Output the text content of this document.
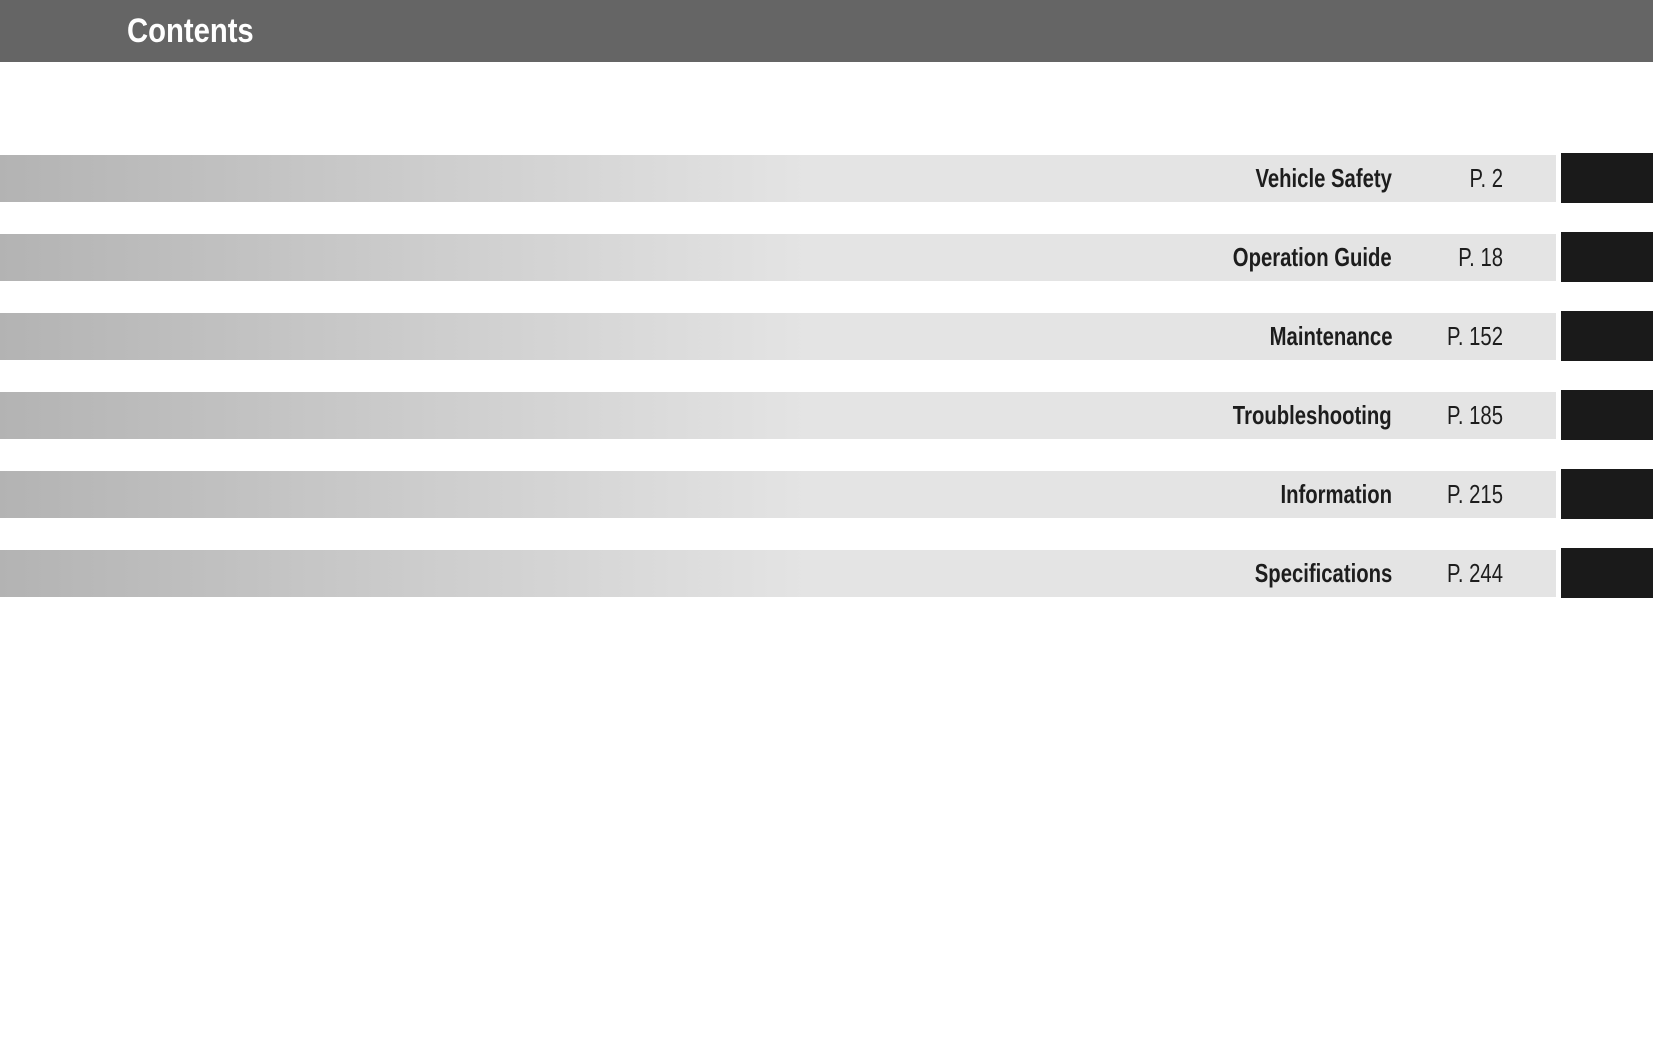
Contents
Vehicle Safety	P. 2
Operation Guide	P. 18
Maintenance	P. 152
Troubleshooting	P. 185
Information	P. 215
Specifications	P. 244
